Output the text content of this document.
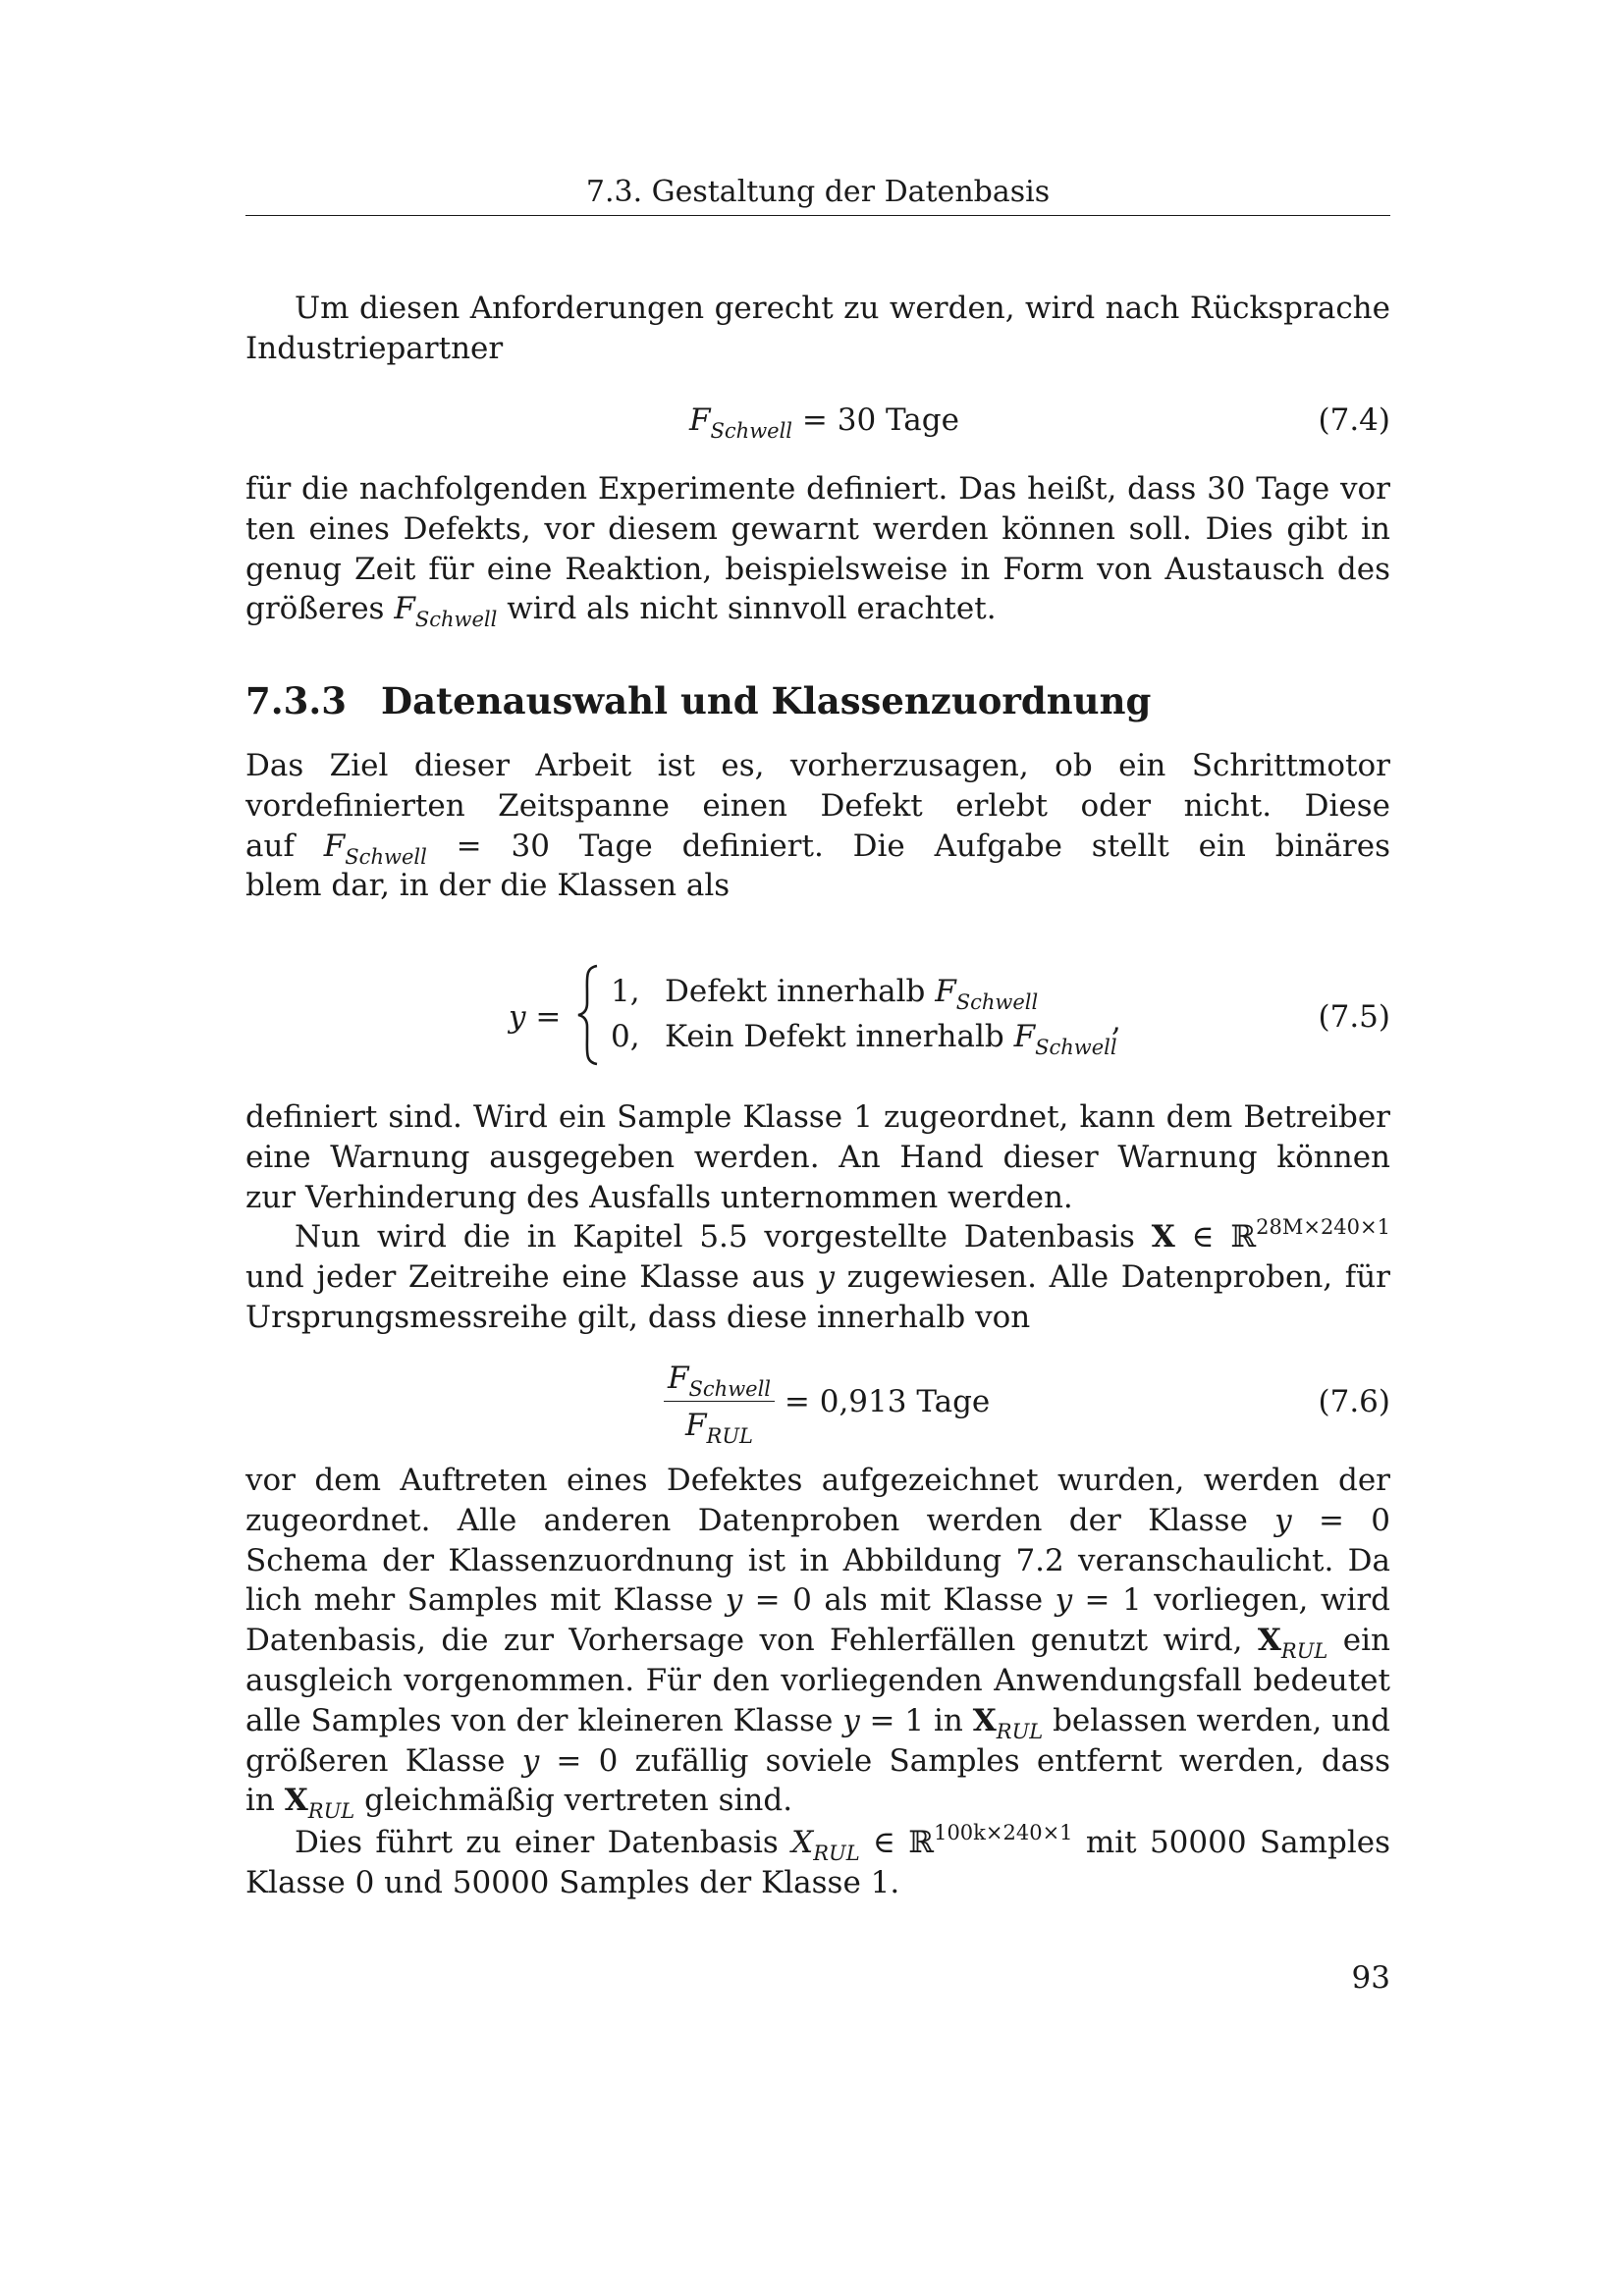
7.3. Gestaltung der Datenbasis
Um diesen Anforderungen gerecht zu werden, wird nach Rücksprache
Industriepartner
$F_{Schwell} = 30$ Tage	(7.4)
für die nachfolgenden Experimente definiert. Das heißt, dass 30 Tage vor
ten eines Defekts, vor diesem gewarnt werden können soll. Dies gibt in
genug Zeit für eine Reaktion, beispielsweise in Form von Austausch des
größeres $F_{Schwell}$ wird als nicht sinnvoll erachtet.
7.3.3 Datenauswahl und Klassenzuordnung
Das Ziel dieser Arbeit ist es, vorherzusagen, ob ein Schrittmotor
vordefinierten Zeitspanne einen Defekt erlebt oder nicht. Diese
auf $F_{Schwell} = 30$ Tage definiert. Die Aufgabe stellt ein binäres
blem dar, in der die Klassen als
y =
1, Defekt innerhalb $F_{Schwell}$
0, Kein Defekt innerhalb $F_{Schwell}$
,	(7.5)
definiert sind. Wird ein Sample Klasse 1 zugeordnet, kann dem Betreiber
eine Warnung ausgegeben werden. An Hand dieser Warnung können
zur Verhinderung des Ausfalls unternommen werden.
Nun wird die in Kapitel 5.5 vorgestellte Datenbasis X ∈ ℝ$^{28M\times 240\times 1}$
und jeder Zeitreihe eine Klasse aus y zugewiesen. Alle Datenproben, für
Ursprungsmessreihe gilt, dass diese innerhalb von
$\frac{F_{Schwell}}{F_{RUL}} = 0,913$ Tage	(7.6)
vor dem Auftreten eines Defektes aufgezeichnet wurden, werden der
zugeordnet. Alle anderen Datenproben werden der Klasse y = 0
Schema der Klassenzuordnung ist in Abbildung 7.2 veranschaulicht. Da
lich mehr Samples mit Klasse y = 0 als mit Klasse y = 1 vorliegen, wird
Datenbasis, die zur Vorhersage von Fehlerfällen genutzt wird, $X_{RUL}$ ein
ausgleich vorgenommen. Für den vorliegenden Anwendungsfall bedeutet
alle Samples von der kleineren Klasse y = 1 in $X_{RUL}$ belassen werden, und
größeren Klasse y = 0 zufällig soviele Samples entfernt werden, dass
in $X_{RUL}$ gleichmäßig vertreten sind.
Dies führt zu einer Datenbasis $X_{RUL}$ ∈ ℝ$^{100k\times 240\times 1}$ mit 50000 Samples
Klasse 0 und 50000 Samples der Klasse 1.
93
